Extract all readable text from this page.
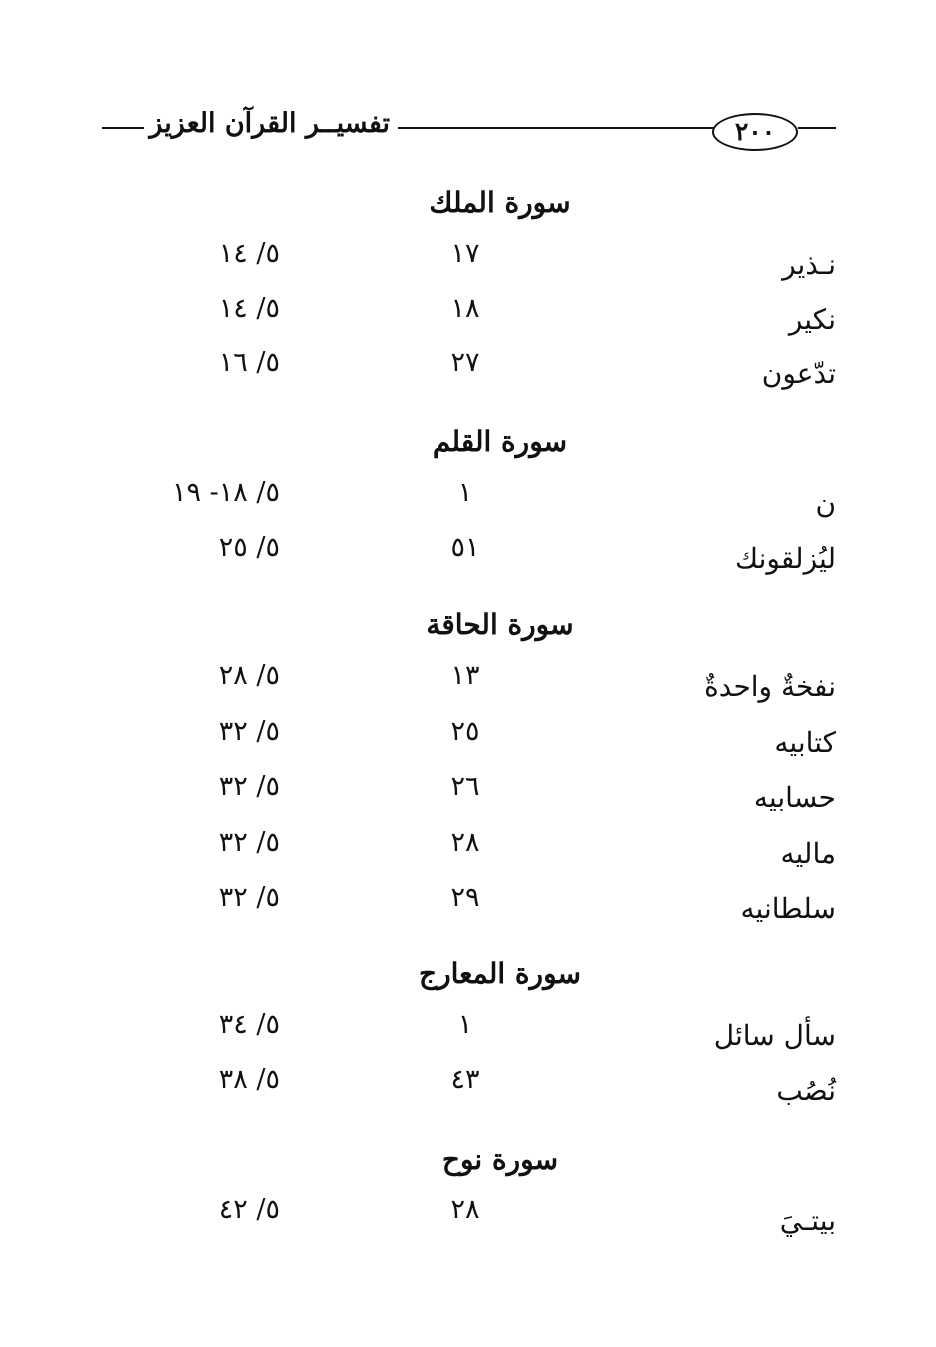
تفسيــر القرآن العزيز	٢٠٠
سورة الملك
نـذير
١٧
٥/ ١٤
نكير
١٨
٥/ ١٤
تدّعون
٢٧
٥/ ١٦
سورة القلم
ن
١
٥/ ١٨- ١٩
ليُزلقونك
٥١
٥/ ٢٥
سورة الحاقة
نفخةٌ واحدةٌ
١٣
٥/ ٢٨
كتابيه
٢٥
٥/ ٣٢
حسابيه
٢٦
٥/ ٣٢
ماليه
٢٨
٥/ ٣٢
سلطانيه
٢٩
٥/ ٣٢
سورة المعارج
سأل سائل
١
٥/ ٣٤
نُصُب
٤٣
٥/ ٣٨
سورة نوح
بيتـيَ
٢٨
٥/ ٤٢
